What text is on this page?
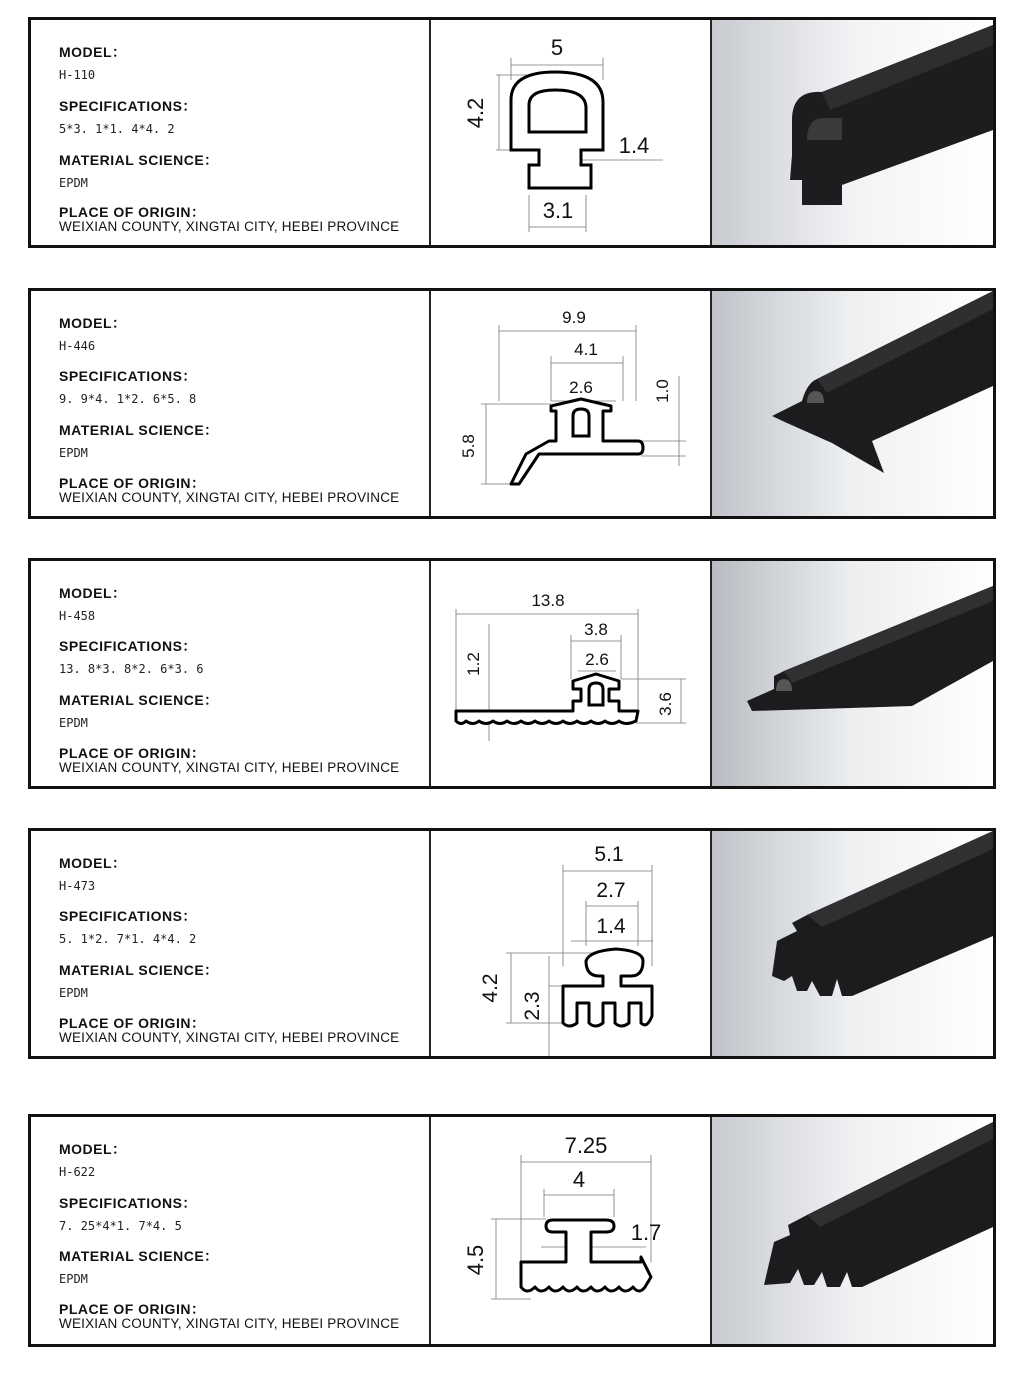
MODEL：

H-110

SPECIFICATIONS：

5*3. 1*1. 4*4. 2

MATERIAL SCIENCE：

EPDM

PLACE OF ORIGIN：

WEIXIAN COUNTY, XINGTAI CITY, HEBEI PROVINCE

5
4.2
1.4
3.1

MODEL：

H-446

SPECIFICATIONS：

9. 9*4. 1*2. 6*5. 8

MATERIAL SCIENCE：

EPDM

PLACE OF ORIGIN：

WEIXIAN COUNTY, XINGTAI CITY, HEBEI PROVINCE

9.9
4.1
2.6	1.0
5.8

MODEL：

H-458

SPECIFICATIONS：

13. 8*3. 8*2. 6*3. 6

MATERIAL SCIENCE：

EPDM

PLACE OF ORIGIN：

WEIXIAN COUNTY, XINGTAI CITY, HEBEI PROVINCE

13.8
3.8
2.6
1.2
3.6

MODEL：

H-473

SPECIFICATIONS：

5. 1*2. 7*1. 4*4. 2

MATERIAL SCIENCE：

EPDM

PLACE OF ORIGIN：

WEIXIAN COUNTY, XINGTAI CITY, HEBEI PROVINCE

5.1
2.7
1.4
4.2
2.3

MODEL：

H-622

SPECIFICATIONS：

7. 25*4*1. 7*4. 5

MATERIAL SCIENCE：

EPDM

PLACE OF ORIGIN：

WEIXIAN COUNTY, XINGTAI CITY, HEBEI PROVINCE

7.25
4
1.7
4.5
